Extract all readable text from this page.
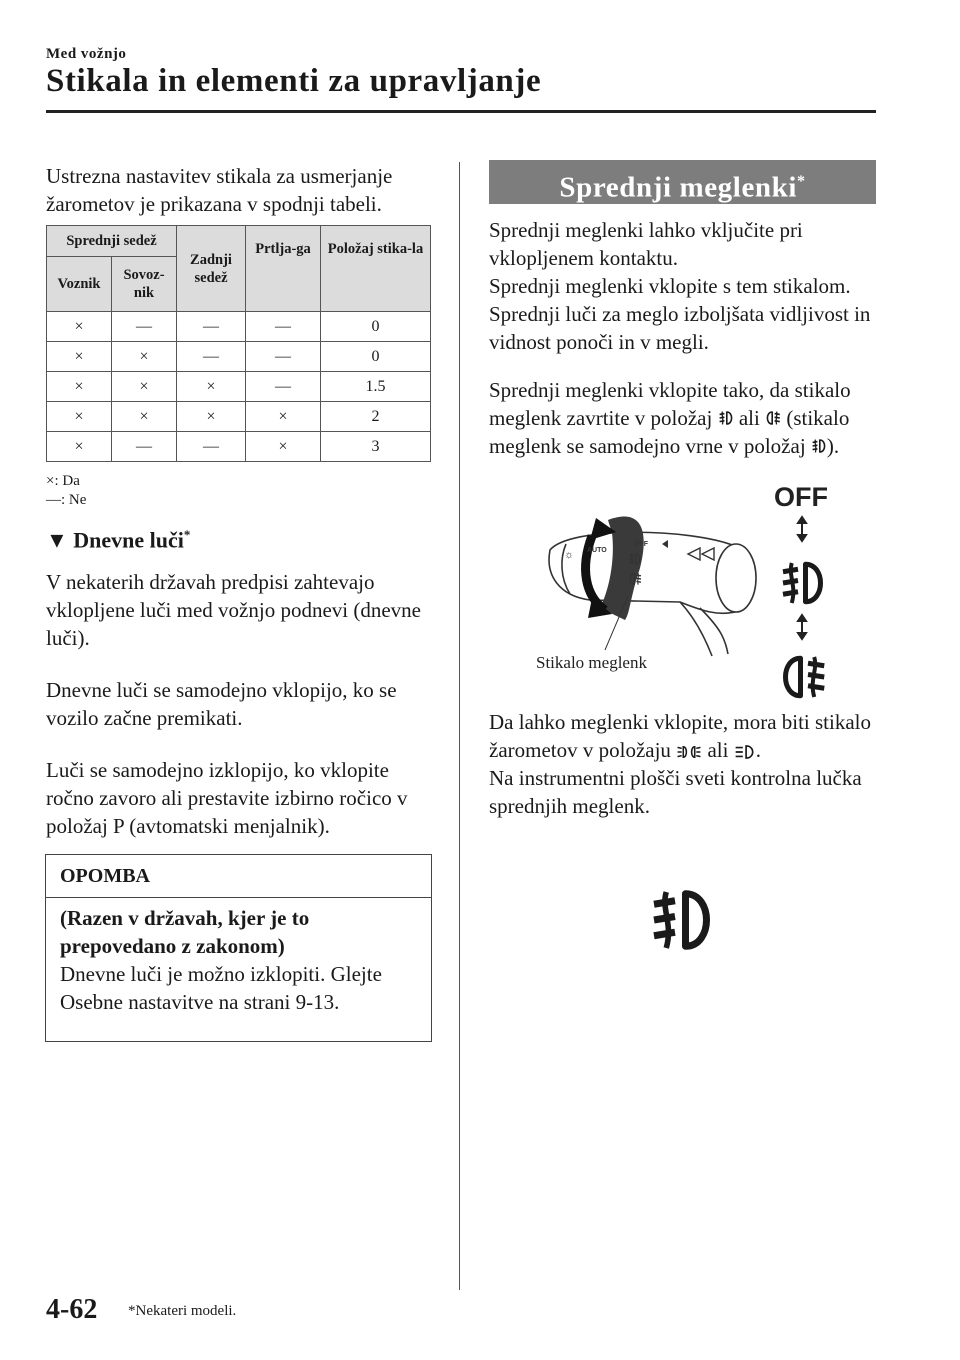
Med vožnjo
Stikala in elementi za upravljanje
Ustrezna nastavitev stikala za usmerjanje žarometov je prikazana v spodnji tabeli.
Sprednji sedež		Zadnji sedež	Prtlja-ga	Položaj stika-la
Voznik	Sovoz-nik			
×	—	—	—	0
×	×	—	—	0
×	×	×	—	1.5
×	×	×	×	2
×	—	—	×	3
×: Da
—: Ne
▼ Dnevne luči*
V nekaterih državah predpisi zahtevajo vklopljene luči med vožnjo podnevi (dnevne luči).
Dnevne luči se samodejno vklopijo, ko se vozilo začne premikati.
Luči se samodejno izklopijo, ko vklopite ročno zavoro ali prestavite izbirno ročico v položaj P (avtomatski menjalnik).
OPOMBA
(Razen v državah, kjer je to prepovedano z zakonom)
Dnevne luči je možno izklopiti. Glejte Osebne nastavitve na strani 9-13.
Sprednji meglenki*

Sprednji meglenki lahko vključite pri vklopljenem kontaktu.

Sprednji meglenki vklopite s tem stikalom.

Sprednji luči za meglo izboljšata vidljivost in vidnost ponoči in v megli.

Sprednji meglenki vklopite tako, da stikalo meglenk zavrtite v položaj ali (stikalo meglenk se samodejno vrne v položaj ).
OFF
☼ AUTO
OFF
Stikalo meglenk
Da lahko meglenki vklopite, mora biti stikalo žarometov v položaju ali .
Na instrumentni plošči sveti kontrolna lučka sprednjih meglenk.
4-62 *Nekateri modeli.
